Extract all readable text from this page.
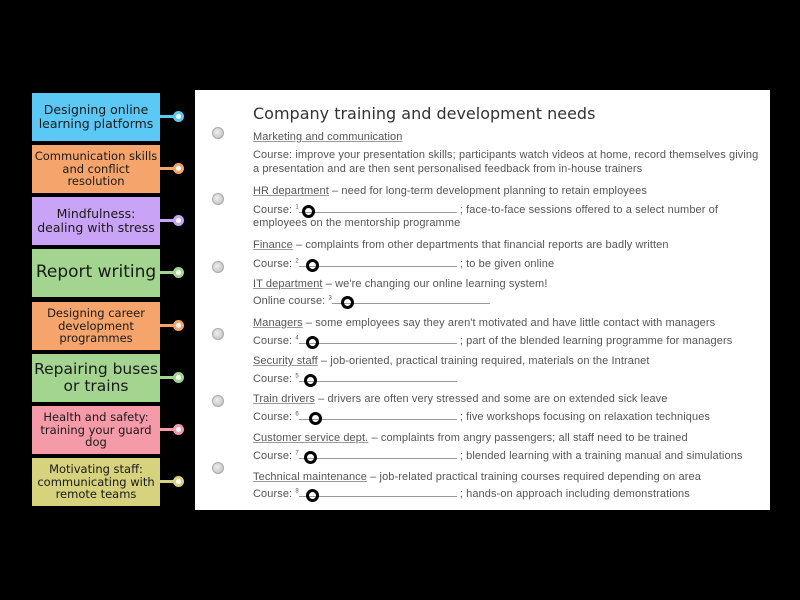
Company training and development needs
Marketing and communication
Course: improve your presentation skills; participants watch videos at home, record themselves giving
a presentation and are then sent personalised feedback from in-house trainers
HR department – need for long-term development planning to retain employees
Course: $^1$	; face-to-face sessions offered to a select number of
employees on the mentorship programme
Finance – complaints from other departments that financial reports are badly written
Course: $^2$	; to be given online
IT department – we're changing our online learning system!
Online course: $^3$
Managers – some employees say they aren't motivated and have little contact with managers
Course: $^4$	; part of the blended learning programme for managers
Security staff – job-oriented, practical training required, materials on the Intranet
Course: $^5$
Train drivers – drivers are often very stressed and some are on extended sick leave
Course: $^6$	; five workshops focusing on relaxation techniques
Customer service dept. – complaints from angry passengers; all staff need to be trained
Course: $^7$	; blended learning with a training manual and simulations
Technical maintenance – job-related practical training courses required depending on area
Course: $^8$	; hands-on approach including demonstrations
Designing online learning platforms
Communication skills and conflict resolution
Mindfulness: dealing with stress
Report writing
Designing career development programmes
Repairing buses or trains
Health and safety: training your guard dog
Motivating staff: communicating with remote teams
